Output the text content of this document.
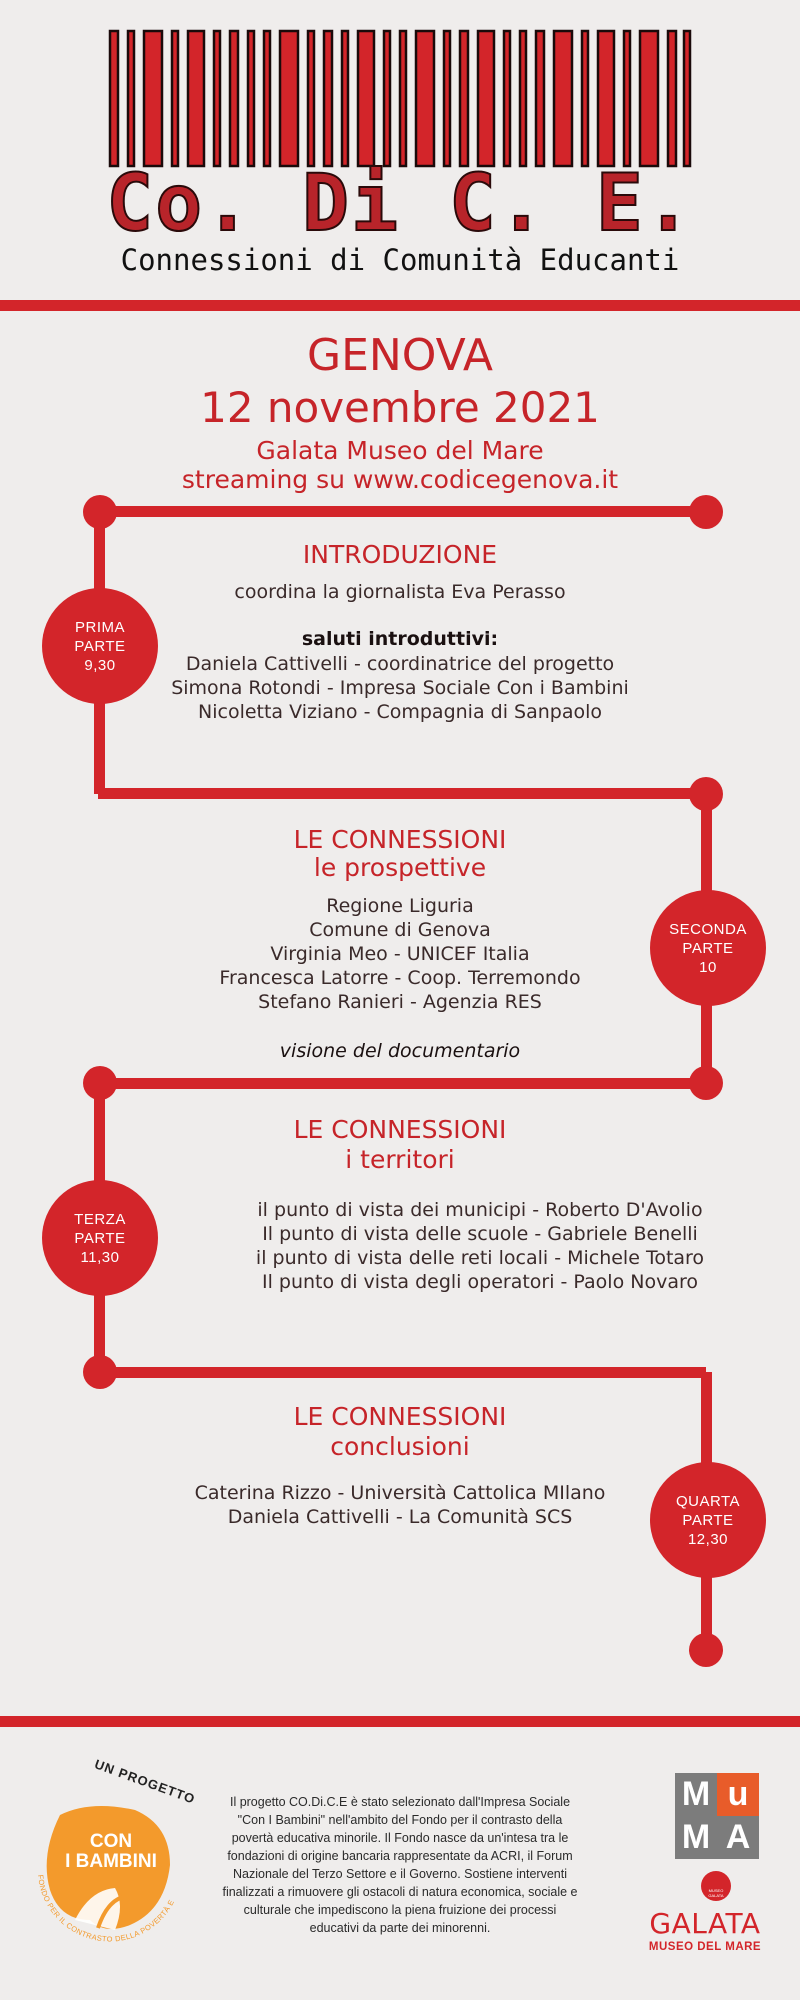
Co. Di C. E.
Connessioni di Comunità Educanti
GENOVA
12 novembre 2021
Galata Museo del Mare
streaming su www.codicegenova.it
PRIMA
PARTE
9,30
SECONDA
PARTE
10
TERZA
PARTE
11,30
QUARTA
PARTE
12,30
INTRODUZIONE
coordina la giornalista Eva Perasso
saluti introduttivi:
Daniela Cattivelli - coordinatrice del progetto
Simona Rotondi - Impresa Sociale Con i Bambini
Nicoletta Viziano - Compagnia di Sanpaolo
LE CONNESSIONI
le prospettive
Regione Liguria
Comune di Genova
Virginia Meo - UNICEF Italia
Francesca Latorre - Coop. Terremondo
Stefano Ranieri - Agenzia RES
visione del documentario
LE CONNESSIONI
i territori
il punto di vista dei municipi - Roberto D'Avolio
Il punto di vista delle scuole - Gabriele Benelli
il punto di vista delle reti locali - Michele Totaro
Il punto di vista degli operatori - Paolo Novaro
LE CONNESSIONI
conclusioni
Caterina Rizzo - Università Cattolica MIlano
Daniela Cattivelli - La Comunità SCS
FONDO PER IL CONTRASTO DELLA POVERTÀ E
UN PROGETTO
CON
I BAMBINI
Il progetto CO.Di.C.E è stato selezionato dall'Impresa Sociale "Con I Bambini" nell'ambito del Fondo per il contrasto della povertà educativa minorile. Il Fondo nasce da un'intesa tra le fondazioni di origine bancaria rappresentate da ACRI, il Forum Nazionale del Terzo Settore e il Governo. Sostiene interventi finalizzati a rimuovere gli ostacoli di natura economica, sociale e culturale che impediscono la piena fruizione dei processi educativi da parte dei minorenni.
M u
M A
MUSEO GALATA
GALATA
MUSEO DEL MARE
